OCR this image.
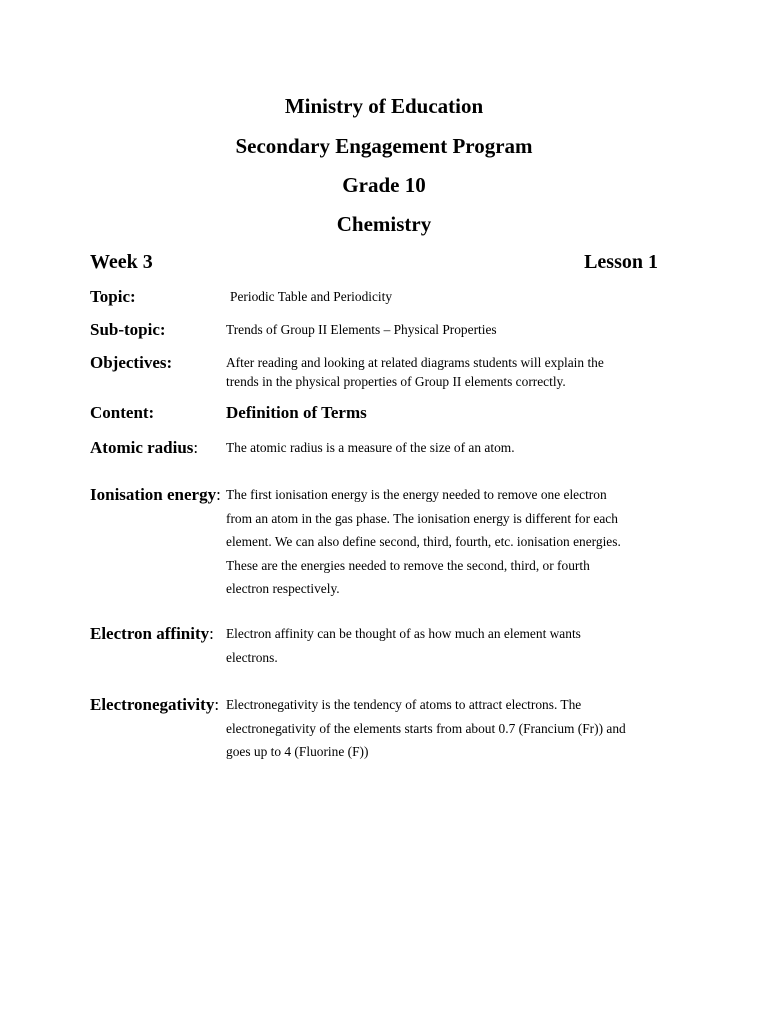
Ministry of Education
Secondary Engagement Program
Grade 10
Chemistry
Week 3	Lesson 1
Topic:	Periodic Table and Periodicity
Sub-topic:	Trends of Group II Elements – Physical Properties
Objectives:	After reading and looking at related diagrams students will explain the
trends in the physical properties of Group II elements correctly.
Content:	Definition of Terms
Atomic radius: The atomic radius is a measure of the size of an atom.
Ionisation energy: The first ionisation energy is the energy needed to remove one electron
from an atom in the gas phase. The ionisation energy is different for each
element. We can also define second, third, fourth, etc. ionisation energies.
These are the energies needed to remove the second, third, or fourth
electron respectively.
Electron affinity: Electron affinity can be thought of as how much an element wants
electrons.
Electronegativity: Electronegativity is the tendency of atoms to attract electrons. The
electronegativity of the elements starts from about 0.7 (Francium (Fr)) and
goes up to 4 (Fluorine (F))
